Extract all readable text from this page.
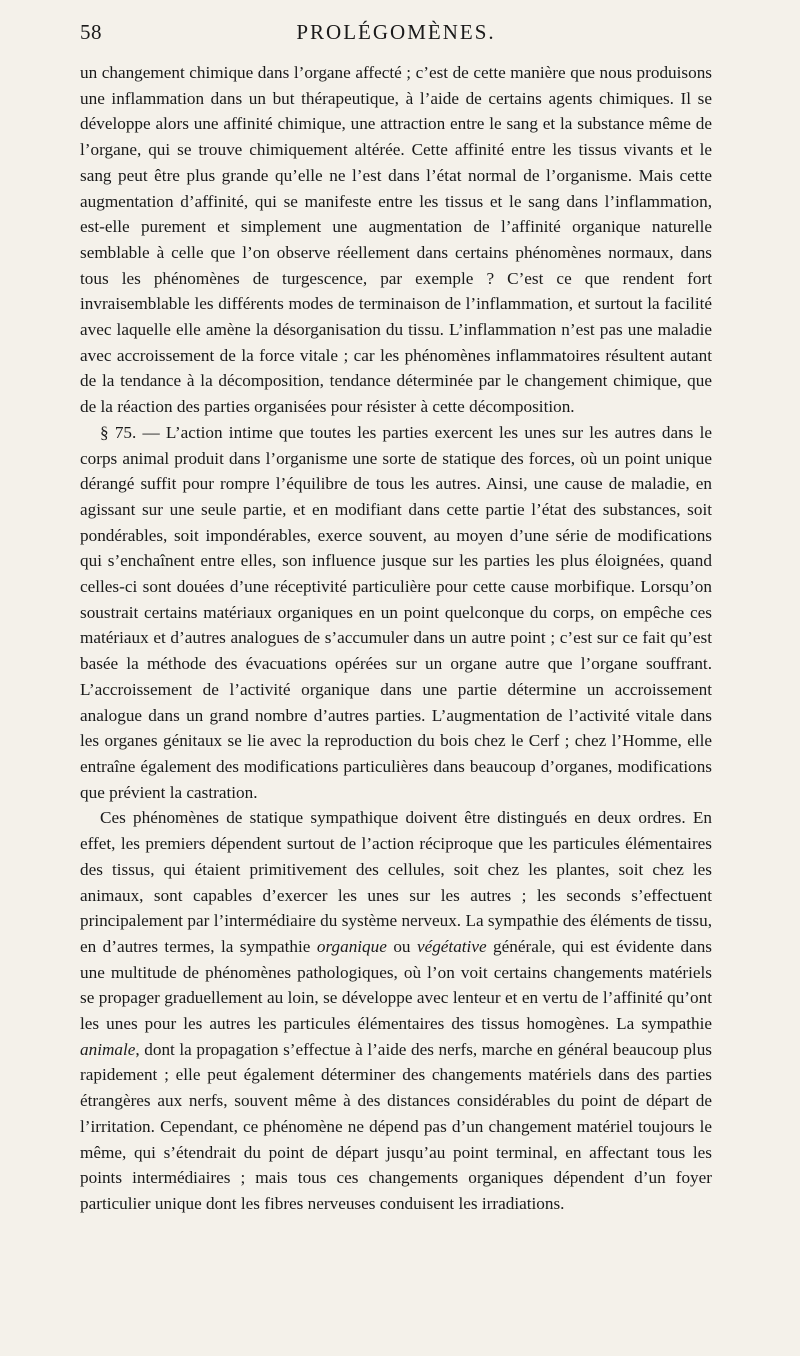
58	PROLÉGOMÈNES.

un changement chimique dans l’organe affecté ; c’est de cette manière que nous produisons une inflammation dans un but thérapeutique, à l’aide de certains agents chimiques. Il se développe alors une affinité chimique, une attraction entre le sang et la substance même de l’organe, qui se trouve chimiquement altérée. Cette affinité entre les tissus vivants et le sang peut être plus grande qu’elle ne l’est dans l’état normal de l’organisme. Mais cette augmentation d’affinité, qui se manifeste entre les tissus et le sang dans l’inflammation, est-elle purement et simplement une augmentation de l’affinité organique naturelle semblable à celle que l’on observe réellement dans certains phénomènes normaux, dans tous les phénomènes de turgescence, par exemple ? C’est ce que rendent fort invraisemblable les différents modes de terminaison de l’inflammation, et surtout la facilité avec laquelle elle amène la désorganisation du tissu. L’inflammation n’est pas une maladie avec accroissement de la force vitale ; car les phénomènes inflammatoires résultent autant de la tendance à la décomposition, tendance déterminée par le changement chimique, que de la réaction des parties organisées pour résister à cette décomposition.

§ 75. — L’action intime que toutes les parties exercent les unes sur les autres dans le corps animal produit dans l’organisme une sorte de statique des forces, où un point unique dérangé suffit pour rompre l’équilibre de tous les autres. Ainsi, une cause de maladie, en agissant sur une seule partie, et en modifiant dans cette partie l’état des substances, soit pondérables, soit impondérables, exerce souvent, au moyen d’une série de modifications qui s’enchaînent entre elles, son influence jusque sur les parties les plus éloignées, quand celles-ci sont douées d’une réceptivité particulière pour cette cause morbifique. Lorsqu’on soustrait certains matériaux organiques en un point quelconque du corps, on empêche ces matériaux et d’autres analogues de s’accumuler dans un autre point ; c’est sur ce fait qu’est basée la méthode des évacuations opérées sur un organe autre que l’organe souffrant. L’accroissement de l’activité organique dans une partie détermine un accroissement analogue dans un grand nombre d’autres parties. L’augmentation de l’activité vitale dans les organes génitaux se lie avec la reproduction du bois chez le Cerf ; chez l’Homme, elle entraîne également des modifications particulières dans beaucoup d’organes, modifications que prévient la castration.

Ces phénomènes de statique sympathique doivent être distingués en deux ordres. En effet, les premiers dépendent surtout de l’action réciproque que les particules élémentaires des tissus, qui étaient primitivement des cellules, soit chez les plantes, soit chez les animaux, sont capables d’exercer les unes sur les autres ; les seconds s’effectuent principalement par l’intermédiaire du système nerveux. La sympathie des éléments de tissu, en d’autres termes, la sympathie organique ou végétative générale, qui est évidente dans une multitude de phénomènes pathologiques, où l’on voit certains changements matériels se propager graduellement au loin, se développe avec lenteur et en vertu de l’affinité qu’ont les unes pour les autres les particules élémentaires des tissus homogènes. La sympathie animale, dont la propagation s’effectue à l’aide des nerfs, marche en général beaucoup plus rapidement ; elle peut également déterminer des changements matériels dans des parties étrangères aux nerfs, souvent même à des distances considérables du point de départ de l’irritation. Cependant, ce phénomène ne dépend pas d’un changement matériel toujours le même, qui s’étendrait du point de départ jusqu’au point terminal, en affectant tous les points intermédiaires ; mais tous ces changements organiques dépendent d’un foyer particulier unique dont les fibres nerveuses conduisent les irradiations.
